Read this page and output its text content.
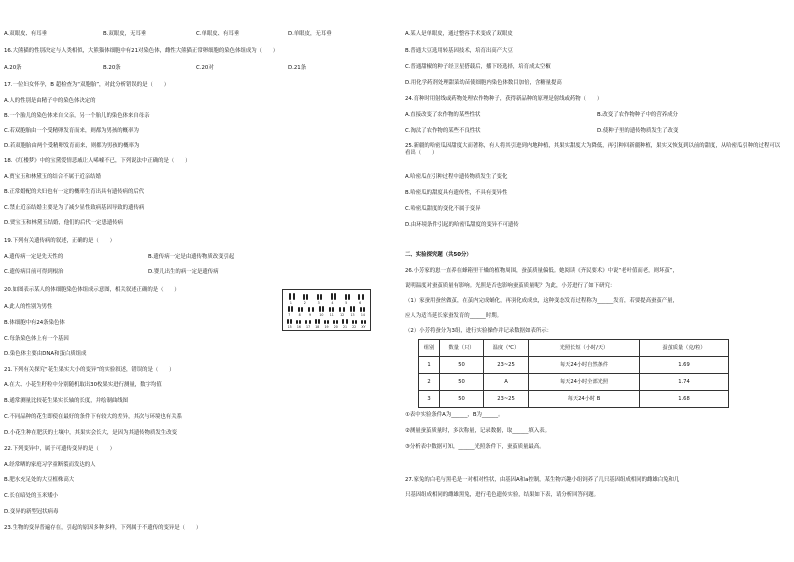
A.双眼皮、有耳垂	B.双眼皮，无耳垂	C.单眼皮、有耳垂	D.单眼皮，无耳垂
16.大熊猫的性别决定与人类相似，大熊猫体细胞中有21对染色体，雌性大熊猫正常卵细胞的染色体组成为（　　）
A.20条	B.20条	C.20对	D.21条
17.一位妇女怀孕，B 超检查为“双胞胎”，对此分析错误的是（　　）
A.人的性别是由精子中的染色体决定的
B.一个胎儿的染色体来自父亲，另一个胎儿的染色体来自母亲
C.若双胞胎由一个受精卵发育而来，则都为男孩的概率为
D.若双胞胎由两个受精卵发育而来，则都为男孩的概率为
18.《红楼梦》中的宝黛爱情悲戚让人唏嘘不已，下列说法中正确的是（　　）
A.贾宝玉和林黛玉的结合不属于近亲结婚
B.正常婚配的夫妇也有一定的概率生育出具有遗传病的后代
C.禁止近亲结婚主要是为了减少显性致病基因导致的遗传病
D.贾宝玉和林黛玉结婚，他们的后代一定患遗传病
19.下列有关遗传病的叙述，正确的是（　　）
A.遗传病一定是先天性的	B.遗传病一定是由遗传物质改变引起
C.遗传病目前可得到根治	D.婴儿出生的病一定是遗传病
20.如图表示某人的体细胞染色体组成示意图，相关叙述正确的是（　　）
A.此人的性别为男性
B.体细胞中有24条染色体
C.每条染色体上有一个基因
D.染色体主要由DNA和蛋白质组成
21.下列有关探究“花生果实大小的变异”的实验叙述，错误的是（　　）
A.在大、小花生籽粒中分别随机取出30枚果实进行测量，数字均值
B.通常测量比较花生果实长轴的长度，并绘制曲线图
C.不同品种的花生即使在最好的条件下有较大的差异，其次与环境也有关系
D.小花生种在肥沃的土壤中，其果实会长大，是因为其遗传物质发生改变
22.下列变异中，属于可遗传变异的是（　　）
A.经常晒的家庭习学童断裂而发达的人
B.肥水充足处的大豆植株高大
C.长在暗处的玉米矮小
D.变异的新型冠状病毒
23.生物的变异普遍存在，引起的原因多种多样，下列属于不遗传的变异是（　　）
1	2	3	4	5	6
7	8	9	10 11 12 13 14
15 16 17 18 19 20 21 22 XY
A.某人是单眼皮，通过整容手术变成了双眼皮
B.普通大豆选用转基因技术，培育出高产大豆
C.普通甜椒的种子经卫星搭载后，播下经选择，培育成太空椒
D.用化学药剂处理甜菜幼苗使细胞内染色体数目加倍，含糖量提高
24.育种时用射线或药物处理农作物种子，获得新品种的原理是射线或药物（　　）
A.直接改变了农作物的某些性状	B.改变了农作物种子中的营养成分
C.淘汰了农作物的某些不良性状	D.使种子里的遗传物质发生了改变
25.新疆的哈密瓜因甜度大而著称，有人将其引进到内地种植，其果实甜度大为降低，再引种回新疆种植，果实又恢复到以前的甜度，从哈密瓜引种的过程可以看出（　　）
A.哈密瓜在引种过程中遗传物质发生了变化
B.哈密瓜的甜度具有遗传性，不具有变异性
C.哈密瓜甜度的变化不属于变异
D.由环境条件引起的哈密瓜甜度的变异不可遗传
二、实验探究题（共50分）
26.小芳家的崽一直养在蜂箱里干燥的植物周围，蚕茧质量偏低。她阅读《齐民要术》中说“老叶值而老，则坏茧”，
说明温度对蚕茧质量有影响。光照是否也影响蚕茧质量呢？为此，小芳进行了如下研究：
（1）家蚕用蚕丝做茧，在茧内完成蛹化，再羽化成成虫，这种变态发育过程称为______发育，若要提高蚕茧产量，
应人为适当延长家蚕发育的______时期。
（2）小芳将蚕分为3组，进行实验操作并记录数据如表所示：
①表中实验条件A为______，B为______。
②测量蚕茧质量时，多次称量，记录数据，取______填入表。
③分析表中数据可知，______光照条件下，蚕茧质量最高。
27.家兔的白毛与黑毛是一对相对性状，由基因A和a控制，某生物兴趣小组饲养了几只基因组成相同的雌雄白兔和几
只基因组成相同的雌雄黑兔，进行毛色遗传实验，结果如下表，请分析回答问题。
组别	数量（只）	温度（℃）	光照长短（小时/天）	蚕茧质量（克/粒）
1	50	23~25	每天24小时自然条件	1.69
2	50	A	每天24小时全部光照	1.74
3	50	23~25	每天24小时 B	1.68
